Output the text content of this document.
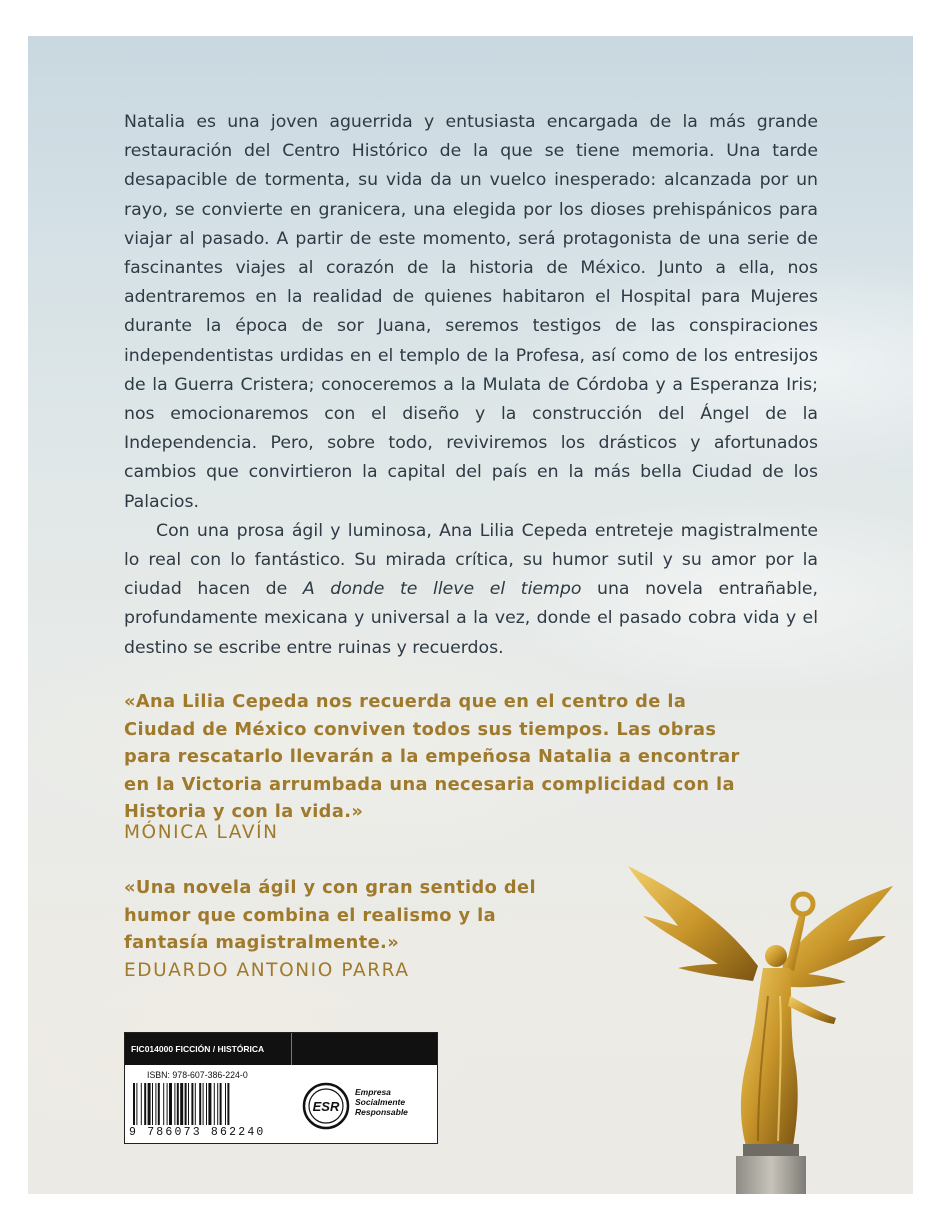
Natalia es una joven aguerrida y entusiasta encargada de la más grande restauración del Centro Histórico de la que se tiene memoria. Una tarde desapacible de tormenta, su vida da un vuelco inesperado: alcanzada por un rayo, se convierte en granicera, una elegida por los dioses prehispánicos para viajar al pasado. A partir de este momento, será protagonista de una serie de fascinantes viajes al corazón de la historia de México. Junto a ella, nos adentraremos en la realidad de quienes habitaron el Hospital para Mujeres durante la época de sor Juana, seremos testigos de las conspiraciones independentistas urdidas en el templo de la Profesa, así como de los entresijos de la Guerra Cristera; conoceremos a la Mulata de Córdoba y a Esperanza Iris; nos emocionaremos con el diseño y la construcción del Ángel de la Independencia. Pero, sobre todo, reviviremos los drásticos y afortunados cambios que convirtieron la capital del país en la más bella Ciudad de los Palacios.

Con una prosa ágil y luminosa, Ana Lilia Cepeda entreteje magistralmente lo real con lo fantástico. Su mirada crítica, su humor sutil y su amor por la ciudad hacen de A donde te lleve el tiempo una novela entrañable, profundamente mexicana y universal a la vez, donde el pasado cobra vida y el destino se escribe entre ruinas y recuerdos.

«Ana Lilia Cepeda nos recuerda que en el centro de la Ciudad de México conviven todos sus tiempos. Las obras para rescatarlo llevarán a la empeñosa Natalia a encontrar en la Victoria arrumbada una necesaria complicidad con la Historia y con la vida.»

MÓNICA LAVÍN

«Una novela ágil y con gran sentido del humor que combina el realismo y la fantasía magistralmente.»

EDUARDO ANTONIO PARRA

FIC014000 FICCIÓN / HISTÓRICA
ISBN: 978-607-386-224-0
9 786073 862240
ESR
Empresa
Socialmente
Responsable
